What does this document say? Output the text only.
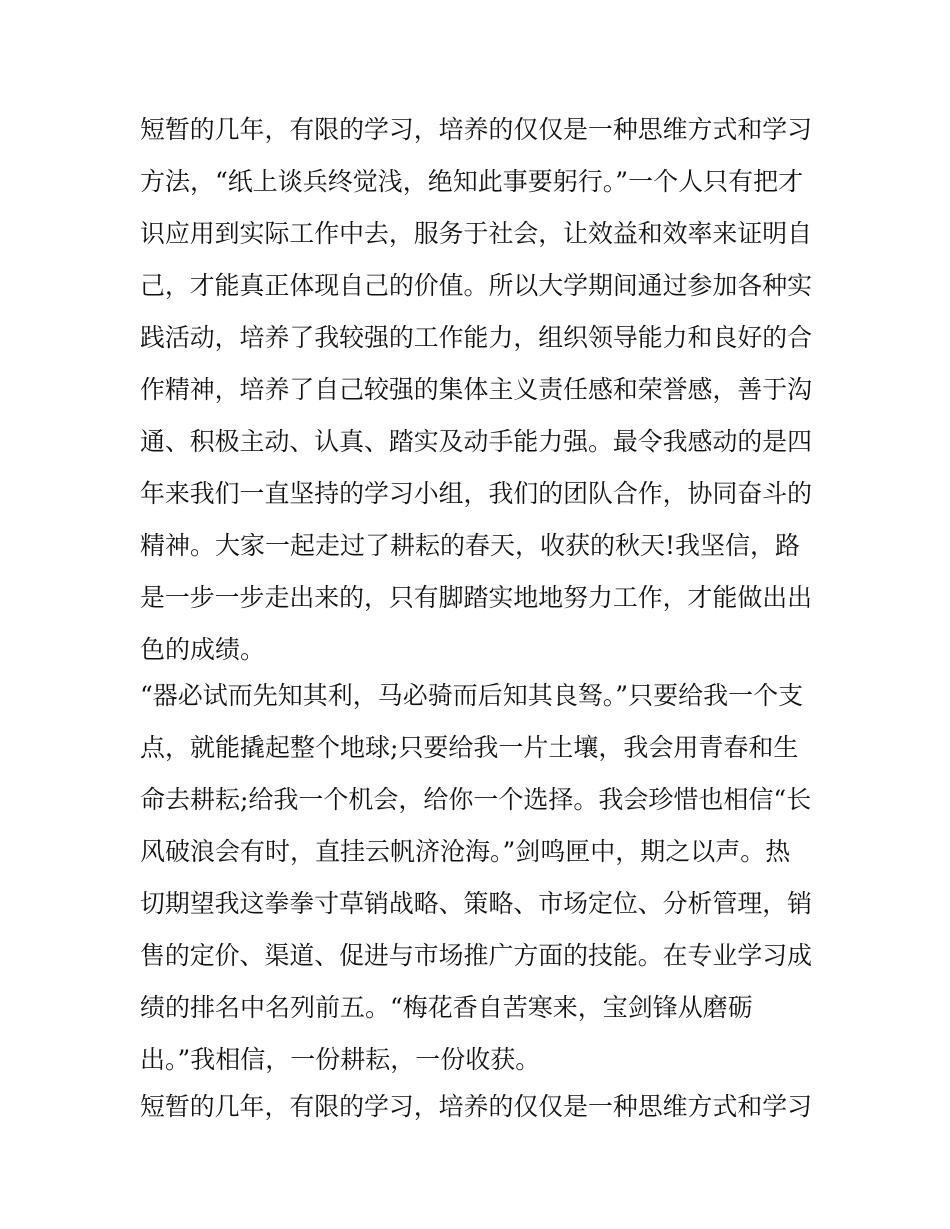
短暂的几年，有限的学习，培养的仅仅是一种思维方式和学习
方法，“纸上谈兵终觉浅，绝知此事要躬行。”一个人只有把才
识应用到实际工作中去，服务于社会，让效益和效率来证明自
己，才能真正体现自己的价值。所以大学期间通过参加各种实
践活动，培养了我较强的工作能力，组织领导能力和良好的合
作精神，培养了自己较强的集体主义责任感和荣誉感，善于沟
通、积极主动、认真、踏实及动手能力强。最令我感动的是四
年来我们一直坚持的学习小组，我们的团队合作，协同奋斗的
精神。大家一起走过了耕耘的春天，收获的秋天!我坚信，路
是一步一步走出来的，只有脚踏实地地努力工作，才能做出出
色的成绩。
“器必试而先知其利，马必骑而后知其良驽。”只要给我一个支
点，就能撬起整个地球;只要给我一片土壤，我会用青春和生
命去耕耘;给我一个机会，给你一个选择。我会珍惜也相信“长
风破浪会有时，直挂云帆济沧海。”剑鸣匣中，期之以声。热
切期望我这拳拳寸草销战略、策略、市场定位、分析管理，销
售的定价、渠道、促进与市场推广方面的技能。在专业学习成
绩的排名中名列前五。“梅花香自苦寒来，宝剑锋从磨砺
出。”我相信，一份耕耘，一份收获。
短暂的几年，有限的学习，培养的仅仅是一种思维方式和学习
